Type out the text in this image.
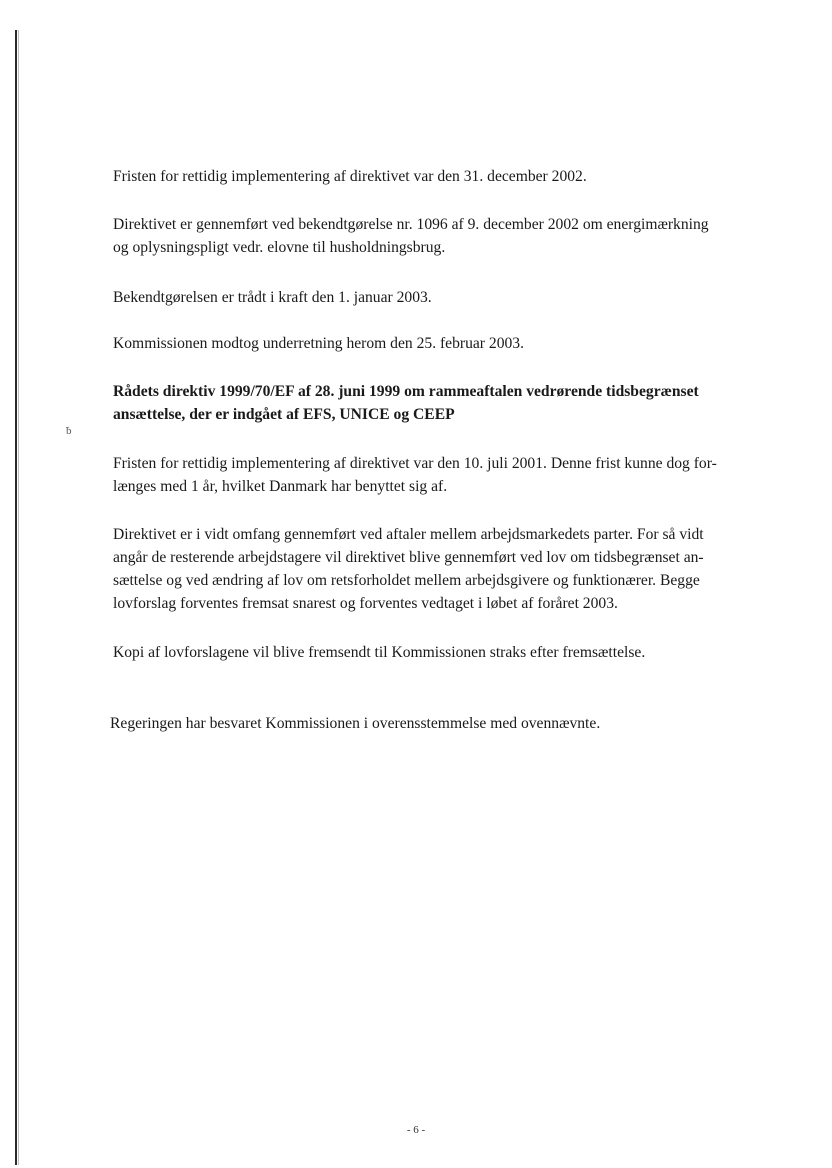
ƀ

Fristen for rettidig implementering af direktivet var den 31. december 2002.

Direktivet er gennemført ved bekendtgørelse nr. 1096 af 9. december 2002 om energimærkning
og oplysningspligt vedr. elovne til husholdningsbrug.

Bekendtgørelsen er trådt i kraft den 1. januar 2003.

Kommissionen modtog underretning herom den 25. februar 2003.

Rådets direktiv 1999/70/EF af 28. juni 1999 om rammeaftalen vedrørende tidsbegrænset
ansættelse, der er indgået af EFS, UNICE og CEEP

Fristen for rettidig implementering af direktivet var den 10. juli 2001. Denne frist kunne dog for-
længes med 1 år, hvilket Danmark har benyttet sig af.

Direktivet er i vidt omfang gennemført ved aftaler mellem arbejdsmarkedets parter. For så vidt
angår de resterende arbejdstagere vil direktivet blive gennemført ved lov om tidsbegrænset an-
sættelse og ved ændring af lov om retsforholdet mellem arbejdsgivere og funktionærer. Begge
lovforslag forventes fremsat snarest og forventes vedtaget i løbet af foråret 2003.

Kopi af lovforslagene vil blive fremsendt til Kommissionen straks efter fremsættelse.

Regeringen har besvaret Kommissionen i overensstemmelse med ovennævnte.

- 6 -
